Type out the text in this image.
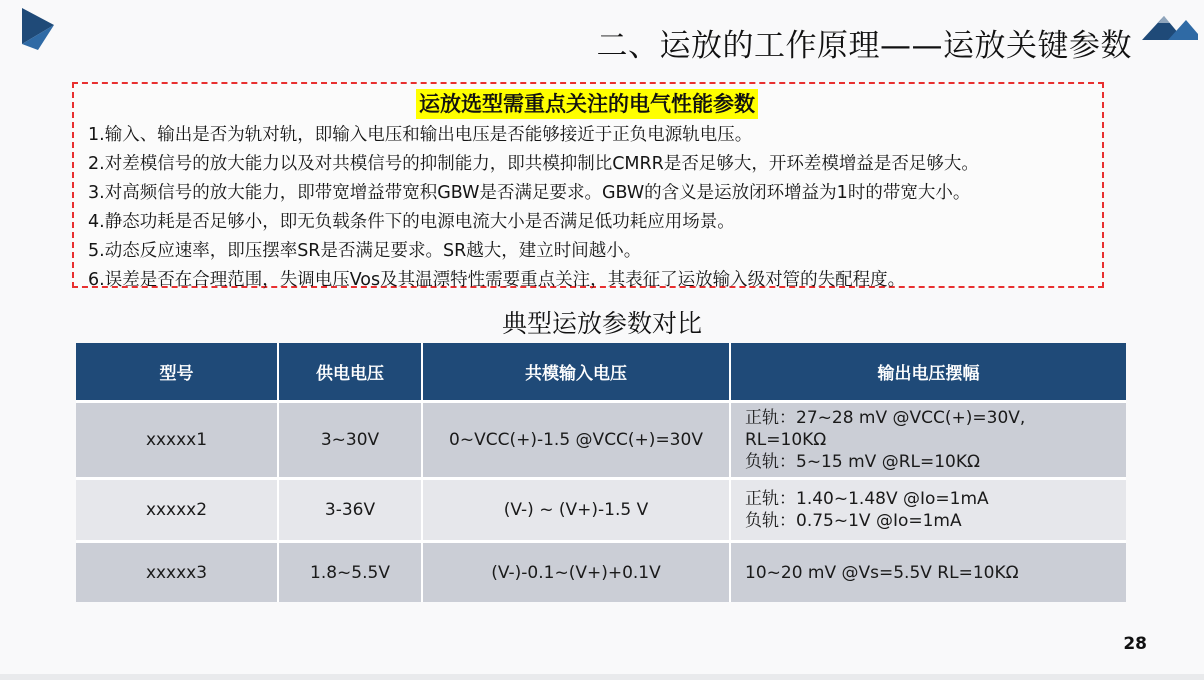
二、运放的工作原理——运放关键参数
运放选型需重点关注的电气性能参数
1.输入、输出是否为轨对轨，即输入电压和输出电压是否能够接近于正负电源轨电压。
2.对差模信号的放大能力以及对共模信号的抑制能力，即共模抑制比CMRR是否足够大，开环差模增益是否足够大。
3.对高频信号的放大能力，即带宽增益带宽积GBW是否满足要求。GBW的含义是运放闭环增益为1时的带宽大小。
4.静态功耗是否足够小，即无负载条件下的电源电流大小是否满足低功耗应用场景。
5.动态反应速率，即压摆率SR是否满足要求。SR越大，建立时间越小。
6.误差是否在合理范围，失调电压Vos及其温漂特性需要重点关注，其表征了运放输入级对管的失配程度。
典型运放参数对比
型号	供电电压	共模输入电压	输出电压摆幅
xxxxx1	3~30V	0~VCC(+)-1.5 @VCC(+)=30V	正轨：27~28 mV @VCC(+)=30V,
RL=10KΩ
负轨：5~15 mV @RL=10KΩ

xxxxx2	3-36V	(V-) ~ (V+)-1.5 V	正轨：1.40~1.48V @Io=1mA
负轨：0.75~1V @Io=1mA

xxxxx3	1.8~5.5V	(V-)-0.1~(V+)+0.1V	10~20 mV @Vs=5.5V RL=10KΩ
28
